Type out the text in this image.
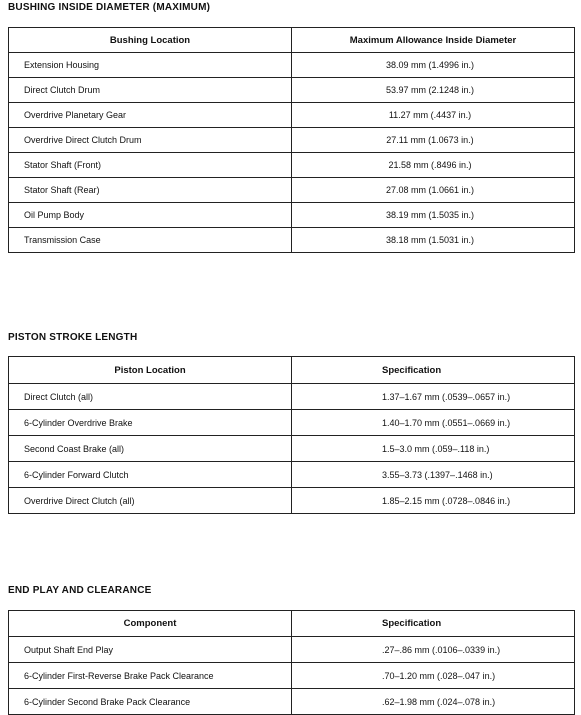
BUSHING INSIDE DIAMETER (MAXIMUM)
Bushing Location	Maximum Allowance Inside Diameter
Extension Housing	38.09 mm (1.4996 in.)
Direct Clutch Drum	53.97 mm (2.1248 in.)
Overdrive Planetary Gear	11.27 mm (.4437 in.)
Overdrive Direct Clutch Drum	27.11 mm (1.0673 in.)
Stator Shaft (Front)	21.58 mm (.8496 in.)
Stator Shaft (Rear)	27.08 mm (1.0661 in.)
Oil Pump Body	38.19 mm (1.5035 in.)
Transmission Case	38.18 mm (1.5031 in.)
PISTON STROKE LENGTH
Piston Location	Specification
Direct Clutch (all)	1.37–1.67 mm (.0539–.0657 in.)
6-Cylinder Overdrive Brake	1.40–1.70 mm (.0551–.0669 in.)
Second Coast Brake (all)	1.5–3.0 mm (.059–.118 in.)
6-Cylinder Forward Clutch	3.55–3.73 (.1397–.1468 in.)
Overdrive Direct Clutch (all)	1.85–2.15 mm (.0728–.0846 in.)
END PLAY AND CLEARANCE
Component	Specification
Output Shaft End Play	.27–.86 mm (.0106–.0339 in.)
6-Cylinder First-Reverse Brake Pack Clearance	.70–1.20 mm (.028–.047 in.)
6-Cylinder Second Brake Pack Clearance	.62–1.98 mm (.024–.078 in.)
